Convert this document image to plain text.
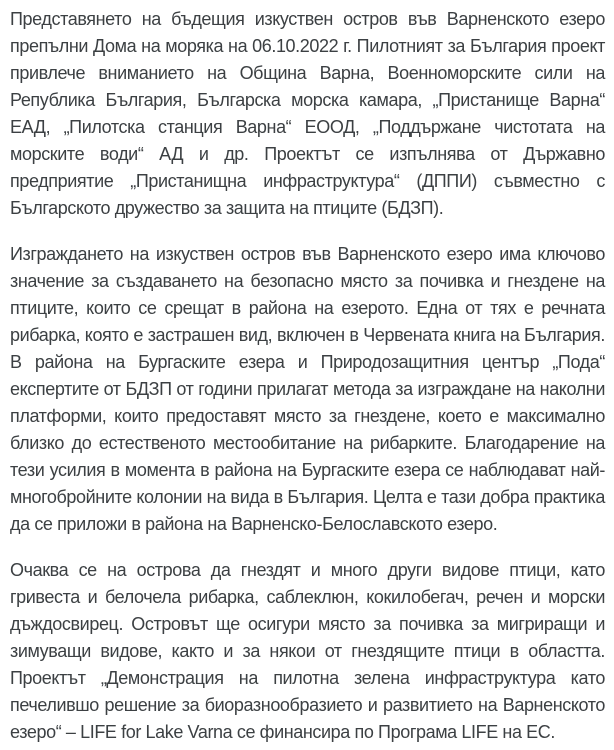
Представянето на бъдещия изкуствен остров във Варненското езеро препълни Дома на моряка на 06.10.2022 г. Пилотният за България проект привлече вниманието на Община Варна, Военноморските сили на Република България, Българска морска камара, „Пристанище Варна“ ЕАД, „Пилотска станция Варна“ ЕООД, „Поддържане чистотата на морските води“ АД и др. Проектът се изпълнява от Държавно предприятие „Пристанищна инфраструктура“ (ДППИ) съвместно с Българското дружество за защита на птиците (БДЗП).

Изграждането на изкуствен остров във Варненското езеро има ключово значение за създаването на безопасно място за почивка и гнездене на птиците, които се срещат в района на езерото. Една от тях е речната рибарка, която е застрашен вид, включен в Червената книга на България. В района на Бургаските езера и Природозащитния център „Пода“ експертите от БДЗП от години прилагат метода за изграждане на наколни платформи, които предоставят място за гнездене, което е максимално близко до естественото местообитание на рибарките. Благодарение на тези усилия в момента в района на Бургаските езера се наблюдават най-многобройните колонии на вида в България. Целта е тази добра практика да се приложи в района на Варненско-Белославското езеро.

Очаква се на острова да гнездят и много други видове птици, като гривеста и белочела рибарка, саблеклюн, кокилобегач, речен и морски дъждосвирец. Островът ще осигури място за почивка за мигриращи и зимуващи видове, както и за някои от гнездящите птици в областта. Проектът „Демонстрация на пилотна зелена инфраструктура като печелившо решение за биоразнообразието и развитието на Варненското езеро“ – LIFE for Lake Varna се финансира по Програма LIFE на ЕС.
